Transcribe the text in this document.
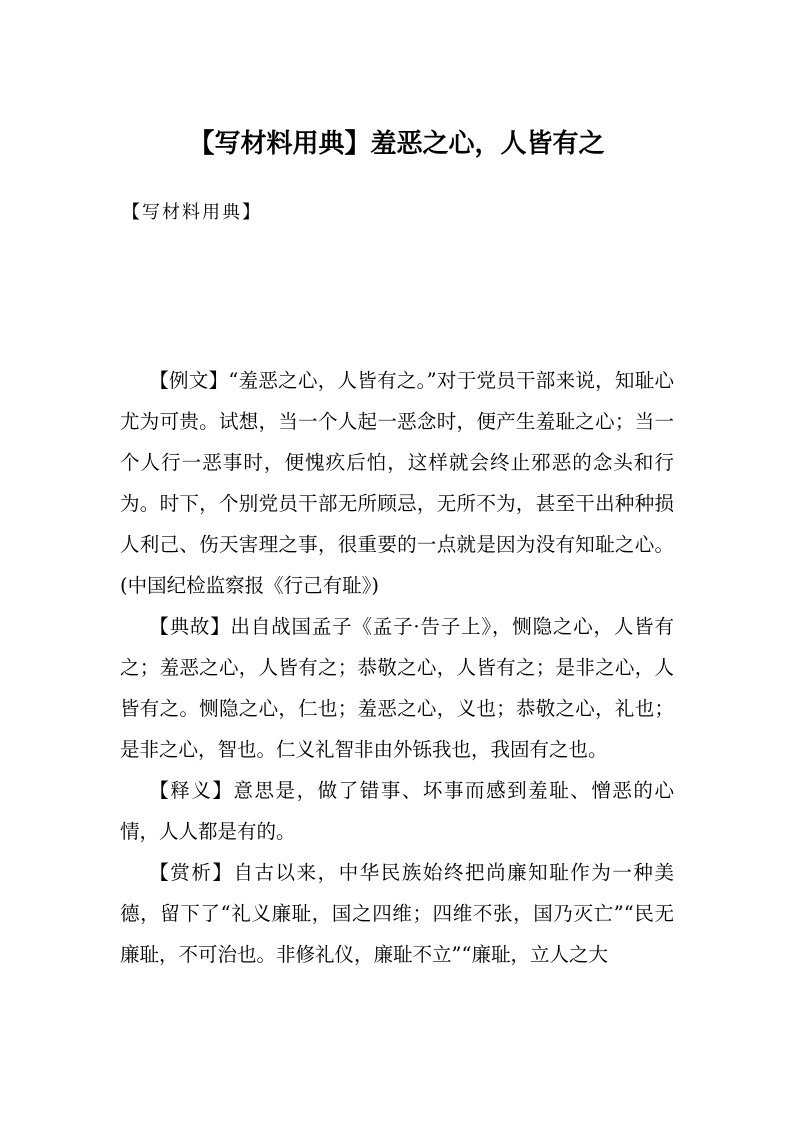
【写材料用典】羞恶之心，人皆有之

【写材料用典】

【例文】“羞恶之心，人皆有之。”对于党员干部来说，知耻心尤为可贵。试想，当一个人起一恶念时，便产生羞耻之心；当一个人行一恶事时，便愧疚后怕，这样就会终止邪恶的念头和行为。时下，个别党员干部无所顾忌，无所不为，甚至干出种种损人利己、伤天害理之事，很重要的一点就是因为没有知耻之心。(中国纪检监察报《行己有耻》)

【典故】出自战国孟子《孟子·告子上》，恻隐之心，人皆有之；羞恶之心，人皆有之；恭敬之心，人皆有之；是非之心，人皆有之。恻隐之心，仁也；羞恶之心，义也；恭敬之心，礼也；是非之心，智也。仁义礼智非由外铄我也，我固有之也。

【释义】意思是，做了错事、坏事而感到羞耻、憎恶的心情，人人都是有的。

【赏析】自古以来，中华民族始终把尚廉知耻作为一种美德，留下了“礼义廉耻，国之四维；四维不张，国乃灭亡”“民无廉耻，不可治也。非修礼仪，廉耻不立”“廉耻，立人之大
